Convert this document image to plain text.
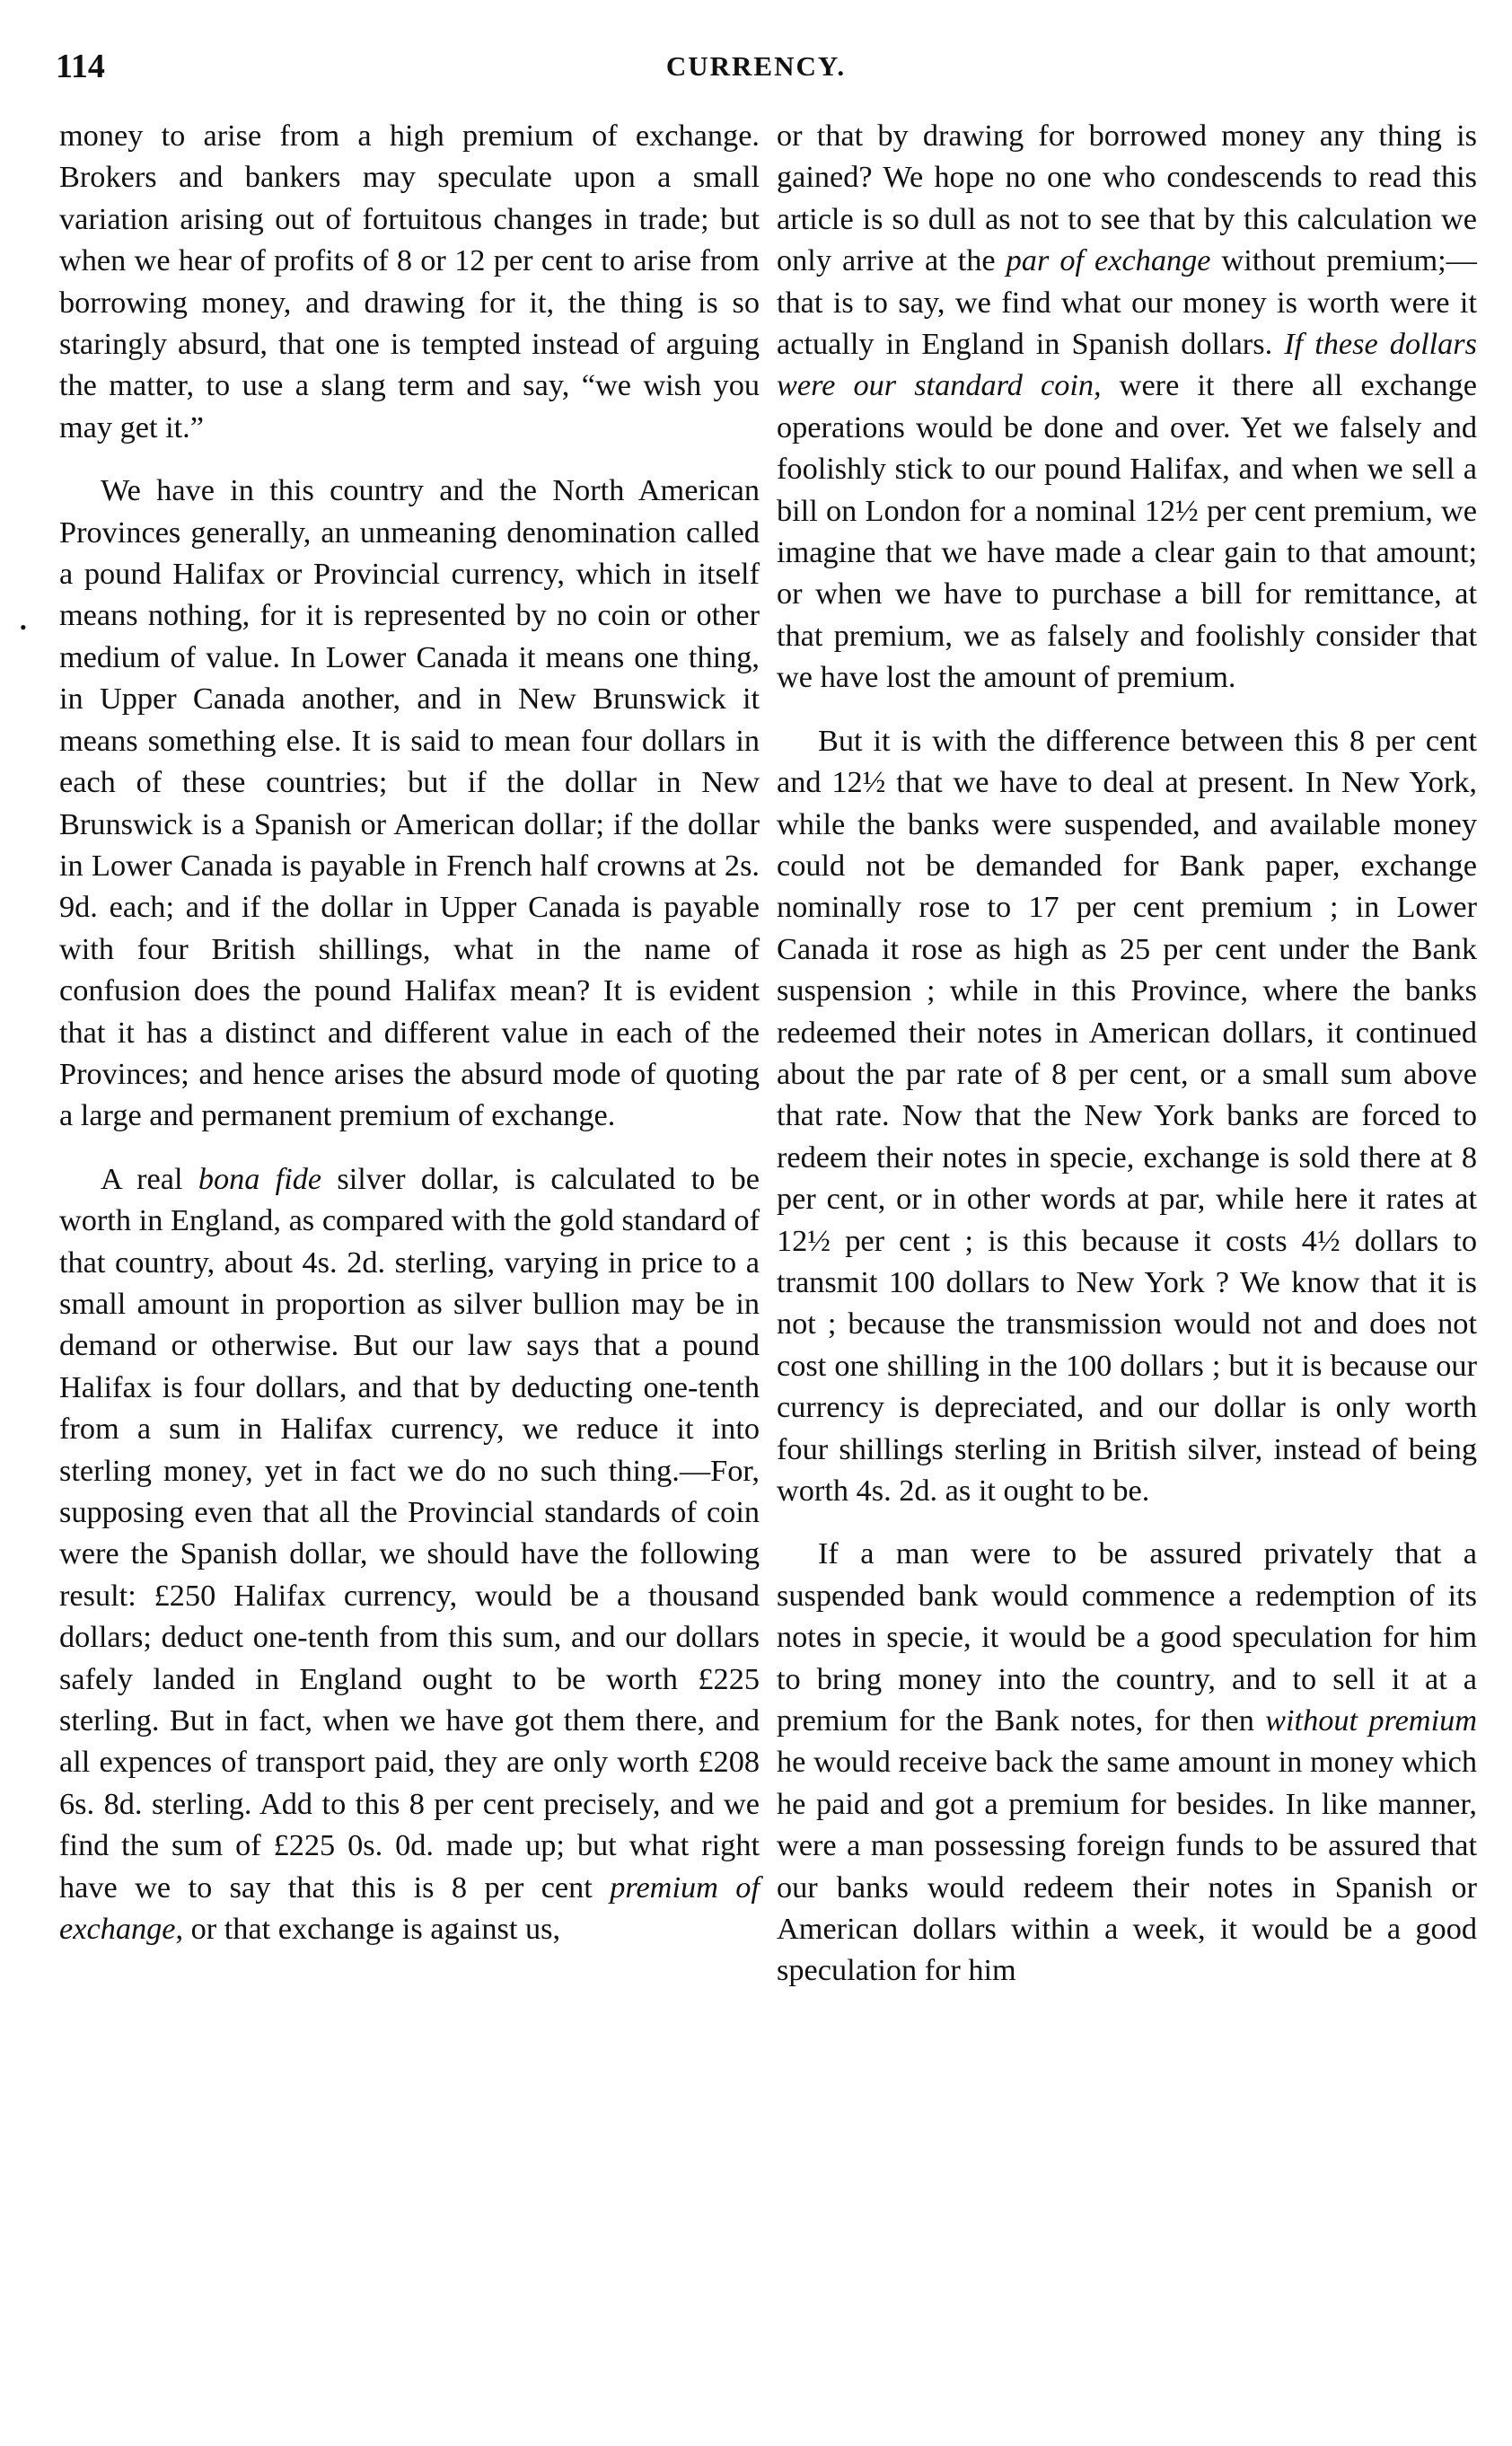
114	CURRENCY.
•

money to arise from a high premium of exchange. Brokers and bankers may speculate upon a small variation arising out of fortuitous changes in trade; but when we hear of profits of 8 or 12 per cent to arise from borrowing money, and drawing for it, the thing is so staringly absurd, that one is tempted instead of arguing the matter, to use a slang term and say, “we wish you may get it.”

We have in this country and the North American Provinces generally, an unmeaning denomination called a pound Halifax or Provincial currency, which in itself means nothing, for it is represented by no coin or other medium of value. In Lower Canada it means one thing, in Upper Canada another, and in New Brunswick it means something else. It is said to mean four dollars in each of these countries; but if the dollar in New Brunswick is a Spanish or American dollar; if the dollar in Lower Canada is payable in French half crowns at 2s. 9d. each; and if the dollar in Upper Canada is payable with four British shillings, what in the name of confusion does the pound Halifax mean? It is evident that it has a distinct and different value in each of the Provinces; and hence arises the absurd mode of quoting a large and permanent premium of exchange.

A real bona fide silver dollar, is calculated to be worth in England, as compared with the gold standard of that country, about 4s. 2d. sterling, varying in price to a small amount in proportion as silver bullion may be in demand or otherwise. But our law says that a pound Halifax is four dollars, and that by deducting one-tenth from a sum in Halifax currency, we reduce it into sterling money, yet in fact we do no such thing.—For, supposing even that all the Provincial standards of coin were the Spanish dollar, we should have the following result: £250 Halifax currency, would be a thousand dollars; deduct one-tenth from this sum, and our dollars safely landed in England ought to be worth £225 sterling. But in fact, when we have got them there, and all expences of transport paid, they are only worth £208 6s. 8d. sterling. Add to this 8 per cent precisely, and we find the sum of £225 0s. 0d. made up; but what right have we to say that this is 8 per cent premium of exchange, or that exchange is against us,

or that by drawing for borrowed money any thing is gained? We hope no one who condescends to read this article is so dull as not to see that by this calculation we only arrive at the par of exchange without premium;—that is to say, we find what our money is worth were it actually in England in Spanish dollars. If these dollars were our standard coin, were it there all exchange operations would be done and over. Yet we falsely and foolishly stick to our pound Halifax, and when we sell a bill on London for a nominal 12½ per cent premium, we imagine that we have made a clear gain to that amount; or when we have to purchase a bill for remittance, at that premium, we as falsely and foolishly consider that we have lost the amount of premium.

But it is with the difference between this 8 per cent and 12½ that we have to deal at present. In New York, while the banks were suspended, and available money could not be demanded for Bank paper, exchange nominally rose to 17 per cent premium ; in Lower Canada it rose as high as 25 per cent under the Bank suspension ; while in this Province, where the banks redeemed their notes in American dollars, it continued about the par rate of 8 per cent, or a small sum above that rate. Now that the New York banks are forced to redeem their notes in specie, exchange is sold there at 8 per cent, or in other words at par, while here it rates at 12½ per cent ; is this because it costs 4½ dollars to transmit 100 dollars to New York ? We know that it is not ; because the transmission would not and does not cost one shilling in the 100 dollars ; but it is because our currency is depreciated, and our dollar is only worth four shillings sterling in British silver, instead of being worth 4s. 2d. as it ought to be.

If a man were to be assured privately that a suspended bank would commence a redemption of its notes in specie, it would be a good speculation for him to bring money into the country, and to sell it at a premium for the Bank notes, for then without premium he would receive back the same amount in money which he paid and got a premium for besides. In like manner, were a man possessing foreign funds to be assured that our banks would redeem their notes in Spanish or American dollars within a week, it would be a good speculation for him
